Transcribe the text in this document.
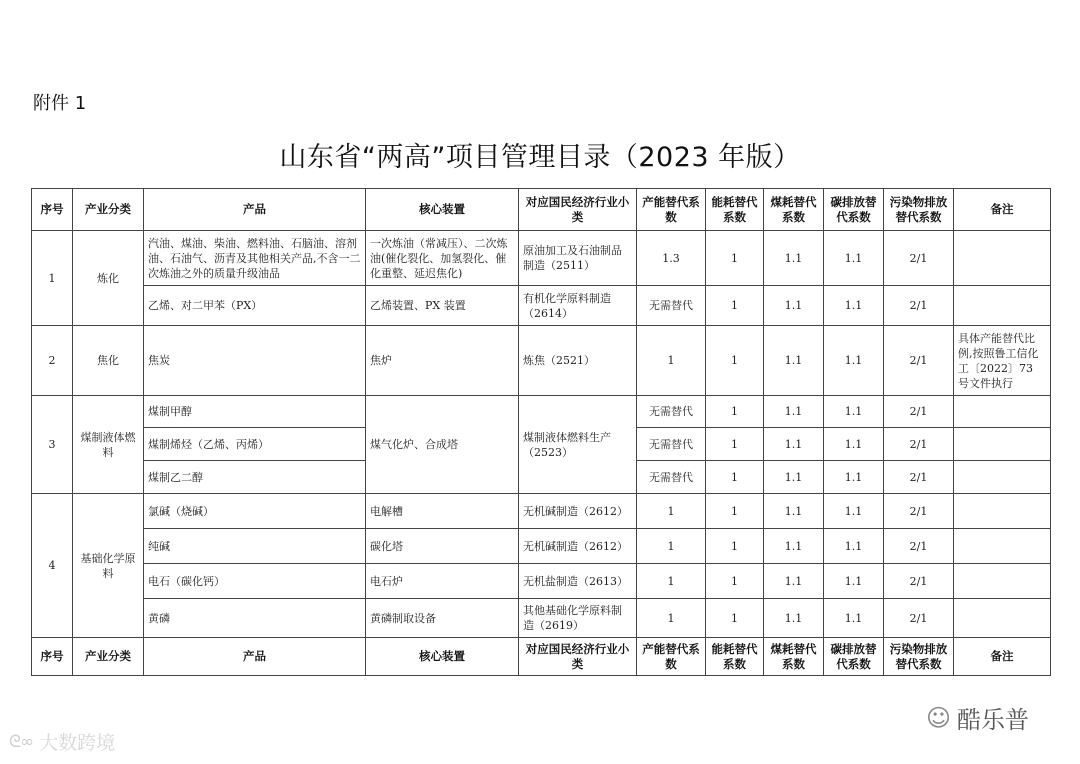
附件 1
山东省“两高”项目管理目录（2023 年版）
序号	产业分类	产品	核心装置	对应国民经济行业小类	产能替代系数	能耗替代系数	煤耗替代系数	碳排放替代系数	污染物排放替代系数	备注
1	炼化	汽油、煤油、柴油、燃料油、石脑油、溶剂油、石油气、沥青及其他相关产品,不含一二次炼油之外的质量升级油品	一次炼油（常减压）、二次炼油(催化裂化、加氢裂化、催化重整、延迟焦化)	原油加工及石油制品制造（2511）	1.3	1	1.1	1.1	2/1	
		乙烯、对二甲苯（PX）	乙烯装置、PX 装置	有机化学原料制造（2614）	无需替代	1	1.1	1.1	2/1	
2	焦化	焦炭	焦炉	炼焦（2521）	1	1	1.1	1.1	2/1	具体产能替代比例,按照鲁工信化工〔2022〕73 号文件执行
3	煤制液体燃料	煤制甲醇	煤气化炉、合成塔	煤制液体燃料生产（2523）	无需替代	1	1.1	1.1	2/1	
		煤制烯烃（乙烯、丙烯）			无需替代	1	1.1	1.1	2/1	
		煤制乙二醇			无需替代	1	1.1	1.1	2/1	
4	基础化学原料	氯碱（烧碱）	电解槽	无机碱制造（2612）	1	1	1.1	1.1	2/1	
		纯碱	碳化塔	无机碱制造（2612）	1	1	1.1	1.1	2/1	
		电石（碳化钙）	电石炉	无机盐制造（2613）	1	1	1.1	1.1	2/1	
		黄磷	黄磷制取设备	其他基础化学原料制造（2619）	1	1	1.1	1.1	2/1	
序号	产业分类	产品	核心装置	对应国民经济行业小类	产能替代系数	能耗替代系数	煤耗替代系数	碳排放替代系数	污染物排放替代系数	备注
ᘓ∞ 大数跨境
☺ 酷乐普
